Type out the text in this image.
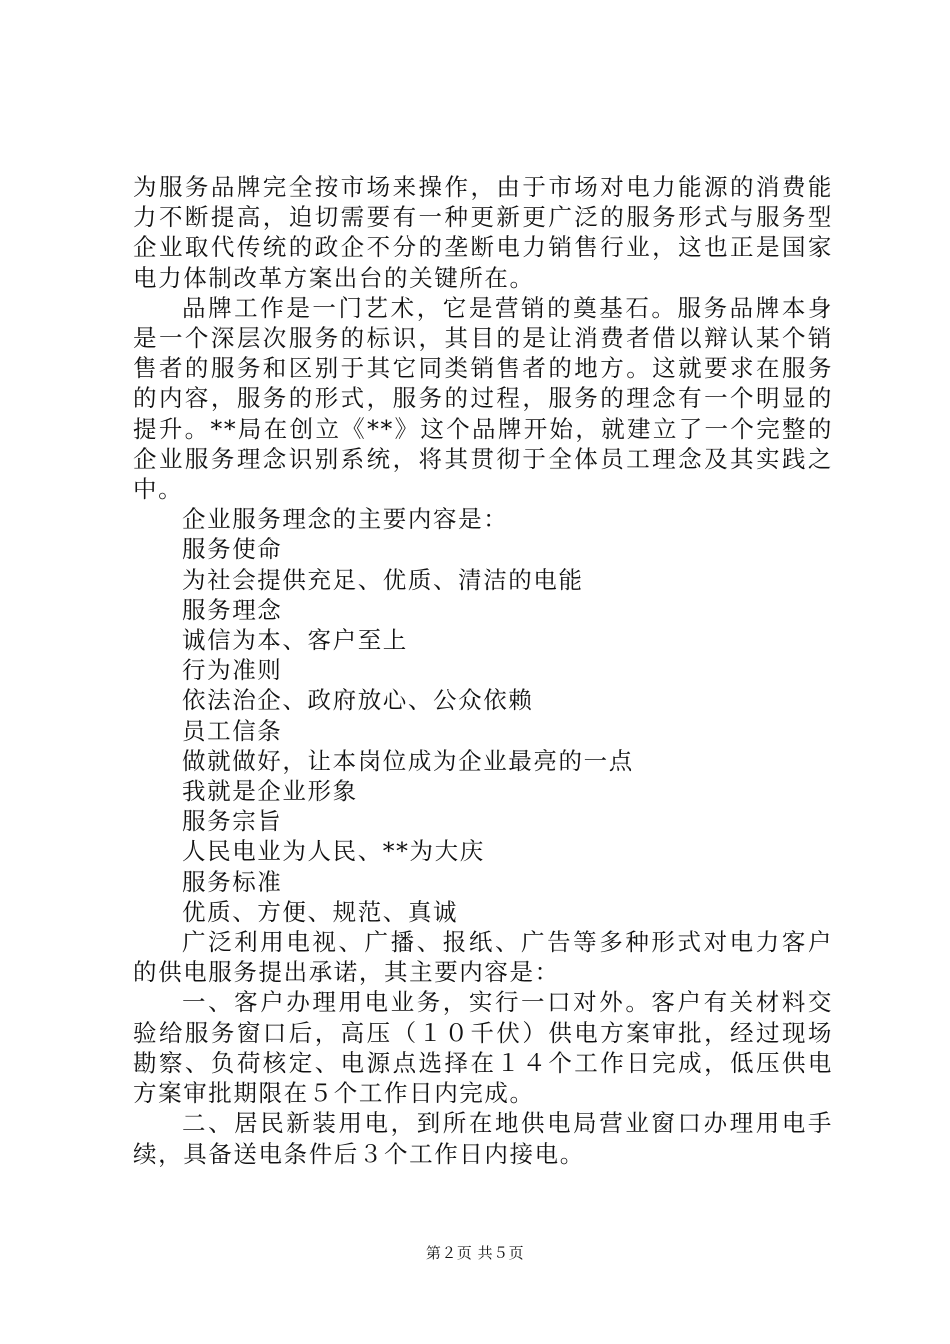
为服务品牌完全按市场来操作，由于市场对电力能源的消费能力不断提高，迫切需要有一种更新更广泛的服务形式与服务型企业取代传统的政企不分的垄断电力销售行业，这也正是国家电力体制改革方案出台的关键所在。

品牌工作是一门艺术，它是营销的奠基石。服务品牌本身是一个深层次服务的标识，其目的是让消费者借以辩认某个销售者的服务和区别于其它同类销售者的地方。这就要求在服务的内容，服务的形式，服务的过程，服务的理念有一个明显的提升。**局在创立《**》这个品牌开始，就建立了一个完整的企业服务理念识别系统，将其贯彻于全体员工理念及其实践之中。

企业服务理念的主要内容是：

服务使命

为社会提供充足、优质、清洁的电能

服务理念

诚信为本、客户至上

行为准则

依法治企、政府放心、公众依赖

员工信条

做就做好，让本岗位成为企业最亮的一点

我就是企业形象

服务宗旨

人民电业为人民、**为大庆

服务标准

优质、方便、规范、真诚

广泛利用电视、广播、报纸、广告等多种形式对电力客户的供电服务提出承诺，其主要内容是：

一、客户办理用电业务，实行一口对外。客户有关材料交验给服务窗口后，高压（１０千伏）供电方案审批，经过现场勘察、负荷核定、电源点选择在１４个工作日完成，低压供电方案审批期限在５个工作日内完成。

二、居民新装用电，到所在地供电局营业窗口办理用电手续，具备送电条件后３个工作日内接电。

第２页 共５页
